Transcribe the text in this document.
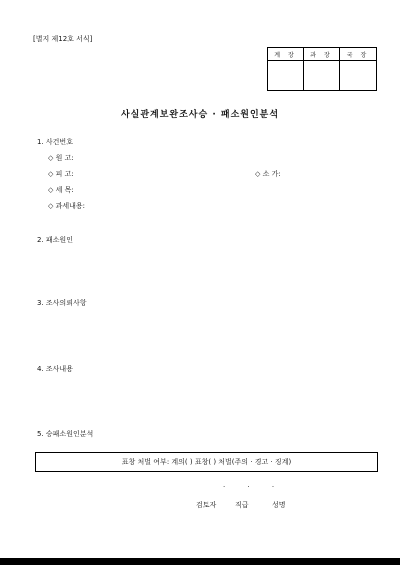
[별지 제12호 서식]
계 장	과 장	국 장
사실관계보완조사승 · 패소원인분석
1. 사건번호
◇ 원 고:
◇ 피 고:	◇ 소 가:
◇ 세 목:
◇ 과세내용:
2. 패소원인
3. 조사의뢰사항
4. 조사내용
5. 승패소원인분석
표창 처벌 여부: 계의( ) 표창( ) 처벌(주의 · 경고 · 징계)
. . .
검토자	직급	성명
